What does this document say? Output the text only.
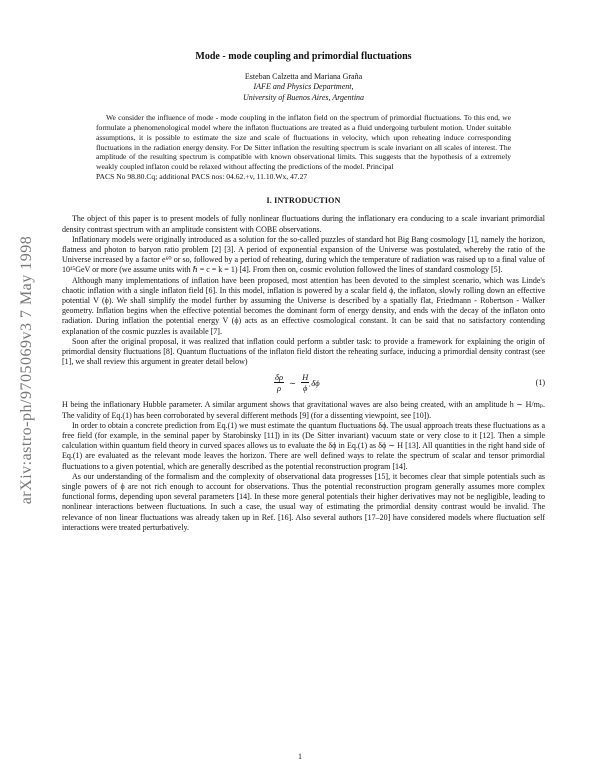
arXiv:astro-ph/9705069v3 7 May 1998
Mode - mode coupling and primordial fluctuations
Esteban Calzetta and Mariana Graña
IAFE and Physics Department,
University of Buenos Aires, Argentina
We consider the influence of mode - mode coupling in the inflaton field on the spectrum of primordial fluctuations. To this end, we formulate a phenomenological model where the inflaton fluctuations are treated as a fluid undergoing turbulent motion. Under suitable assumptions, it is possible to estimate the size and scale of fluctuations in velocity, which upon reheating induce corresponding fluctuations in the radiation energy density. For De Sitter inflation the resulting spectrum is scale invariant on all scales of interest. The amplitude of the resulting spectrum is compatible with known observational limits. This suggests that the hypothesis of a extremely weakly coupled inflaton could be relaxed without affecting the predictions of the model. Principal
PACS No 98.80.Cq; additional PACS nos: 04.62.+v, 11.10.Wx, 47.27
I. INTRODUCTION

The object of this paper is to present models of fully nonlinear fluctuations during the inflationary era conducing to a scale invariant primordial density contrast spectrum with an amplitude consistent with COBE observations.

Inflationary models were originally introduced as a solution for the so-called puzzles of standard hot Big Bang cosmology [1], namely the horizon, flatness and photon to baryon ratio problem [2] [3]. A period of exponential expansion of the Universe was postulated, whereby the ratio of the Universe increased by a factor e⁶⁰ or so, followed by a period of reheating, during which the temperature of radiation was raised up to a final value of 10¹⁵GeV or more (we assume units with ℏ = c = k = 1) [4]. From then on, cosmic evolution followed the lines of standard cosmology [5].

Although many implementations of inflation have been proposed, most attention has been devoted to the simplest scenario, which was Linde's chaotic inflation with a single inflaton field [6]. In this model, inflation is powered by a scalar field ϕ, the inflaton, slowly rolling down an effective potential V (ϕ). We shall simplify the model further by assuming the Universe is described by a spatially flat, Friedmann - Robertson - Walker geometry. Inflation begins when the effective potential becomes the dominant form of energy density, and ends with the decay of the inflaton onto radiation. During inflation the potential energy V (ϕ) acts as an effective cosmological constant. It can be said that no satisfactory contending explanation of the cosmic puzzles is available [7].

Soon after the original proposal, it was realized that inflation could perform a subtler task: to provide a framework for explaining the origin of primordial density fluctuations [8]. Quantum fluctuations of the inflaton field distort the reheating surface, inducing a primordial density contrast (see [1], we shall review this argument in greater detail below)

$\frac{\delta\rho}{\rho}$ ∼ $\frac{H}{\phi̇}$ δϕ	(1)

H being the inflationary Hubble parameter. A similar argument shows that gravitational waves are also being created, with an amplitude h ∼ H/mₚ. The validity of Eq.(1) has been corroborated by several different methods [9] (for a dissenting viewpoint, see [10]).

In order to obtain a concrete prediction from Eq.(1) we must estimate the quantum fluctuations δϕ. The usual approach treats these fluctuations as a free field (for example, in the seminal paper by Starobinsky [11]) in its (De Sitter invariant) vacuum state or very close to it [12]. Then a simple calculation within quantum field theory in curved spaces allows us to evaluate the δϕ in Eq.(1) as δϕ ∼ H [13]. All quantities in the right hand side of Eq.(1) are evaluated as the relevant mode leaves the horizon. There are well defined ways to relate the spectrum of scalar and tensor primordial fluctuations to a given potential, which are generally described as the potential reconstruction program [14].

As our understanding of the formalism and the complexity of observational data progresses [15], it becomes clear that simple potentials such as single powers of ϕ are not rich enough to account for observations. Thus the potential reconstruction program generally assumes more complex functional forms, depending upon several parameters [14]. In these more general potentials their higher derivatives may not be negligible, leading to nonlinear interactions between fluctuations. In such a case, the usual way of estimating the primordial density contrast would be invalid. The relevance of non linear fluctuations was already taken up in Ref. [16]. Also several authors [17–20] have considered models where fluctuation self interactions were treated perturbatively.

1
